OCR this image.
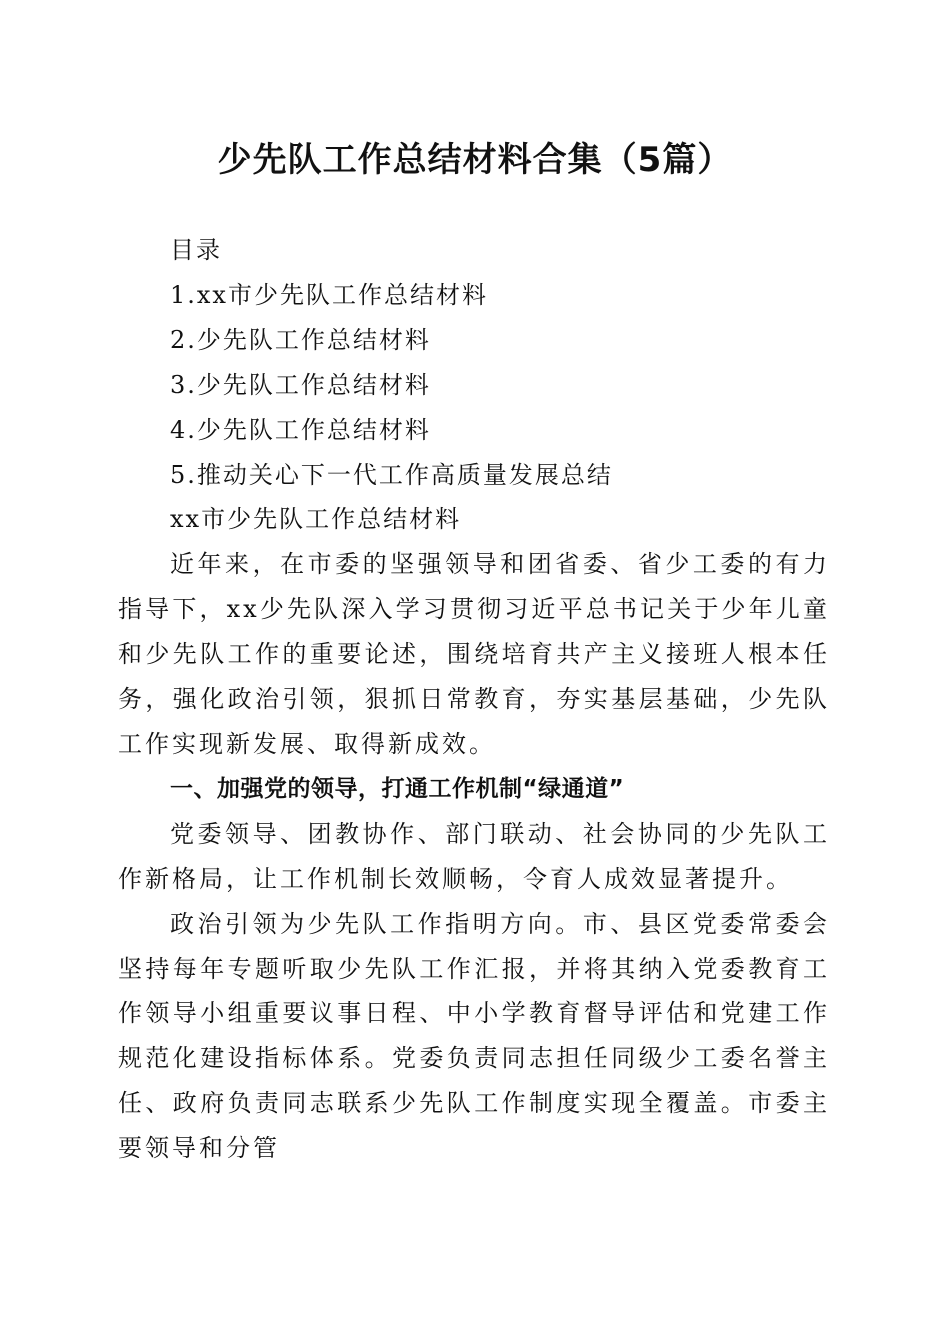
少先队工作总结材料合集（5篇）

目录

1.xx市少先队工作总结材料

2.少先队工作总结材料

3.少先队工作总结材料

4.少先队工作总结材料

5.推动关心下一代工作高质量发展总结

xx市少先队工作总结材料

近年来，在市委的坚强领导和团省委、省少工委的有力指导下，xx少先队深入学习贯彻习近平总书记关于少年儿童和少先队工作的重要论述，围绕培育共产主义接班人根本任务，强化政治引领，狠抓日常教育，夯实基层基础，少先队工作实现新发展、取得新成效。

一、加强党的领导，打通工作机制“绿通道”

党委领导、团教协作、部门联动、社会协同的少先队工作新格局，让工作机制长效顺畅，令育人成效显著提升。

政治引领为少先队工作指明方向。市、县区党委常委会坚持每年专题听取少先队工作汇报，并将其纳入党委教育工作领导小组重要议事日程、中小学教育督导评估和党建工作规范化建设指标体系。党委负责同志担任同级少工委名誉主任、政府负责同志联系少先队工作制度实现全覆盖。市委主要领导和分管
